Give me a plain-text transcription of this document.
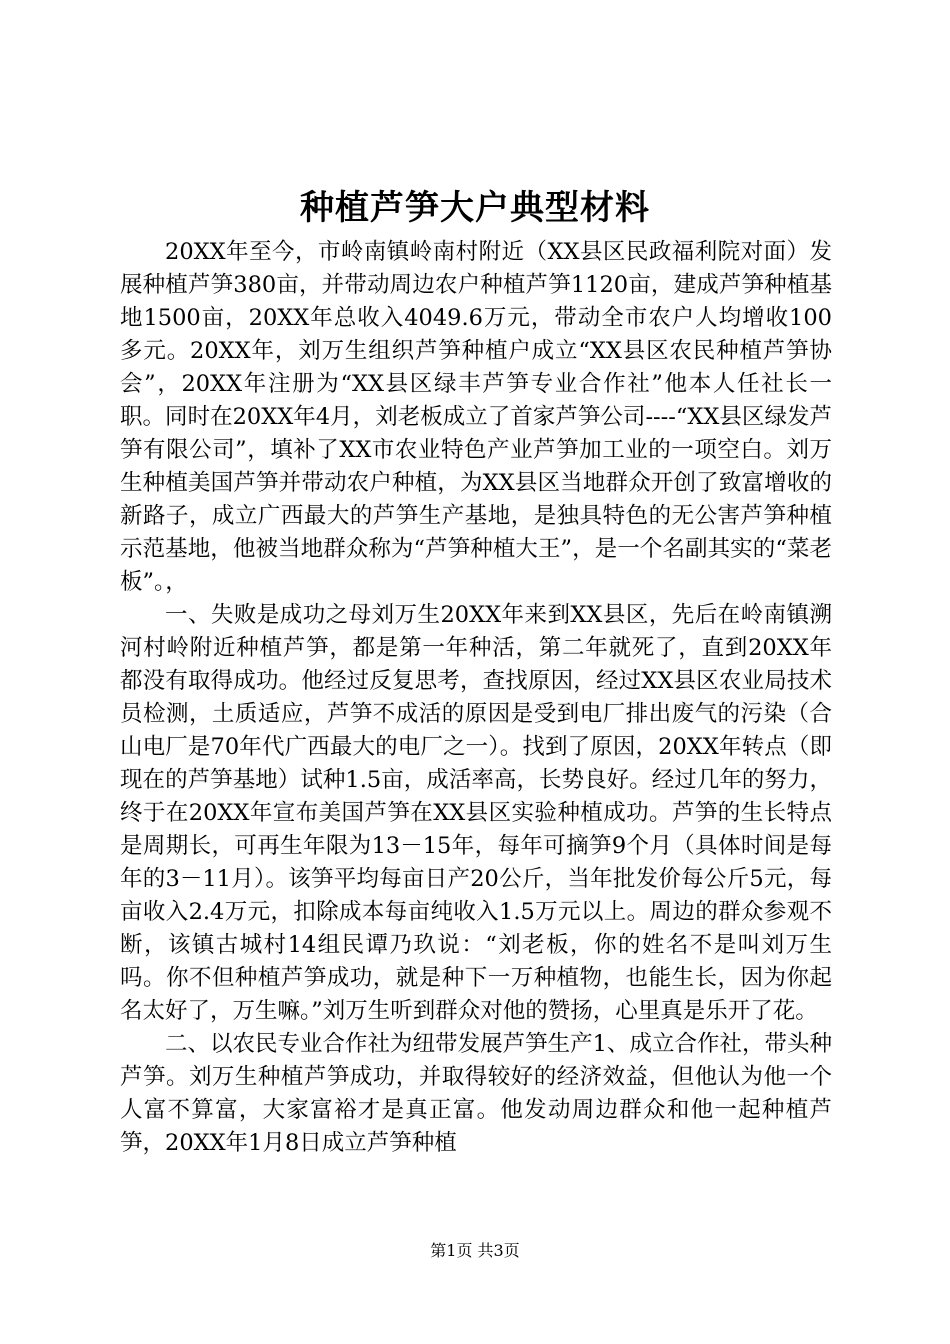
种植芦笋大户典型材料

20XX年至今，市岭南镇岭南村附近（XX县区民政福利院对面）发展种植芦笋380亩，并带动周边农户种植芦笋1120亩，建成芦笋种植基地1500亩，20XX年总收入4049.6万元，带动全市农户人均增收100多元。20XX年，刘万生组织芦笋种植户成立“XX县区农民种植芦笋协会”，20XX年注册为“XX县区绿丰芦笋专业合作社”他本人任社长一职。同时在20XX年4月，刘老板成立了首家芦笋公司----“XX县区绿发芦笋有限公司”，填补了XX市农业特色产业芦笋加工业的一项空白。刘万生种植美国芦笋并带动农户种植，为XX县区当地群众开创了致富增收的新路子，成立广西最大的芦笋生产基地，是独具特色的无公害芦笋种植示范基地，他被当地群众称为“芦笋种植大王”，是一个名副其实的“菜老板”。，

一、失败是成功之母刘万生20XX年来到XX县区，先后在岭南镇溯河村岭附近种植芦笋，都是第一年种活，第二年就死了，直到20XX年都没有取得成功。他经过反复思考，查找原因，经过XX县区农业局技术员检测，土质适应，芦笋不成活的原因是受到电厂排出废气的污染（合山电厂是70年代广西最大的电厂之一）。找到了原因，20XX年转点（即现在的芦笋基地）试种1.5亩，成活率高，长势良好。经过几年的努力，终于在20XX年宣布美国芦笋在XX县区实验种植成功。芦笋的生长特点是周期长，可再生年限为13－15年，每年可摘笋9个月（具体时间是每年的3－11月）。该笋平均每亩日产20公斤，当年批发价每公斤5元，每亩收入2.4万元，扣除成本每亩纯收入1.5万元以上。周边的群众参观不断，该镇古城村14组民谭乃玖说：“刘老板，你的姓名不是叫刘万生吗。你不但种植芦笋成功，就是种下一万种植物，也能生长，因为你起名太好了，万生嘛。”刘万生听到群众对他的赞扬，心里真是乐开了花。

二、以农民专业合作社为纽带发展芦笋生产1、成立合作社，带头种芦笋。刘万生种植芦笋成功，并取得较好的经济效益，但他认为他一个人富不算富，大家富裕才是真正富。他发动周边群众和他一起种植芦笋，20XX年1月8日成立芦笋种植

第1页 共3页
